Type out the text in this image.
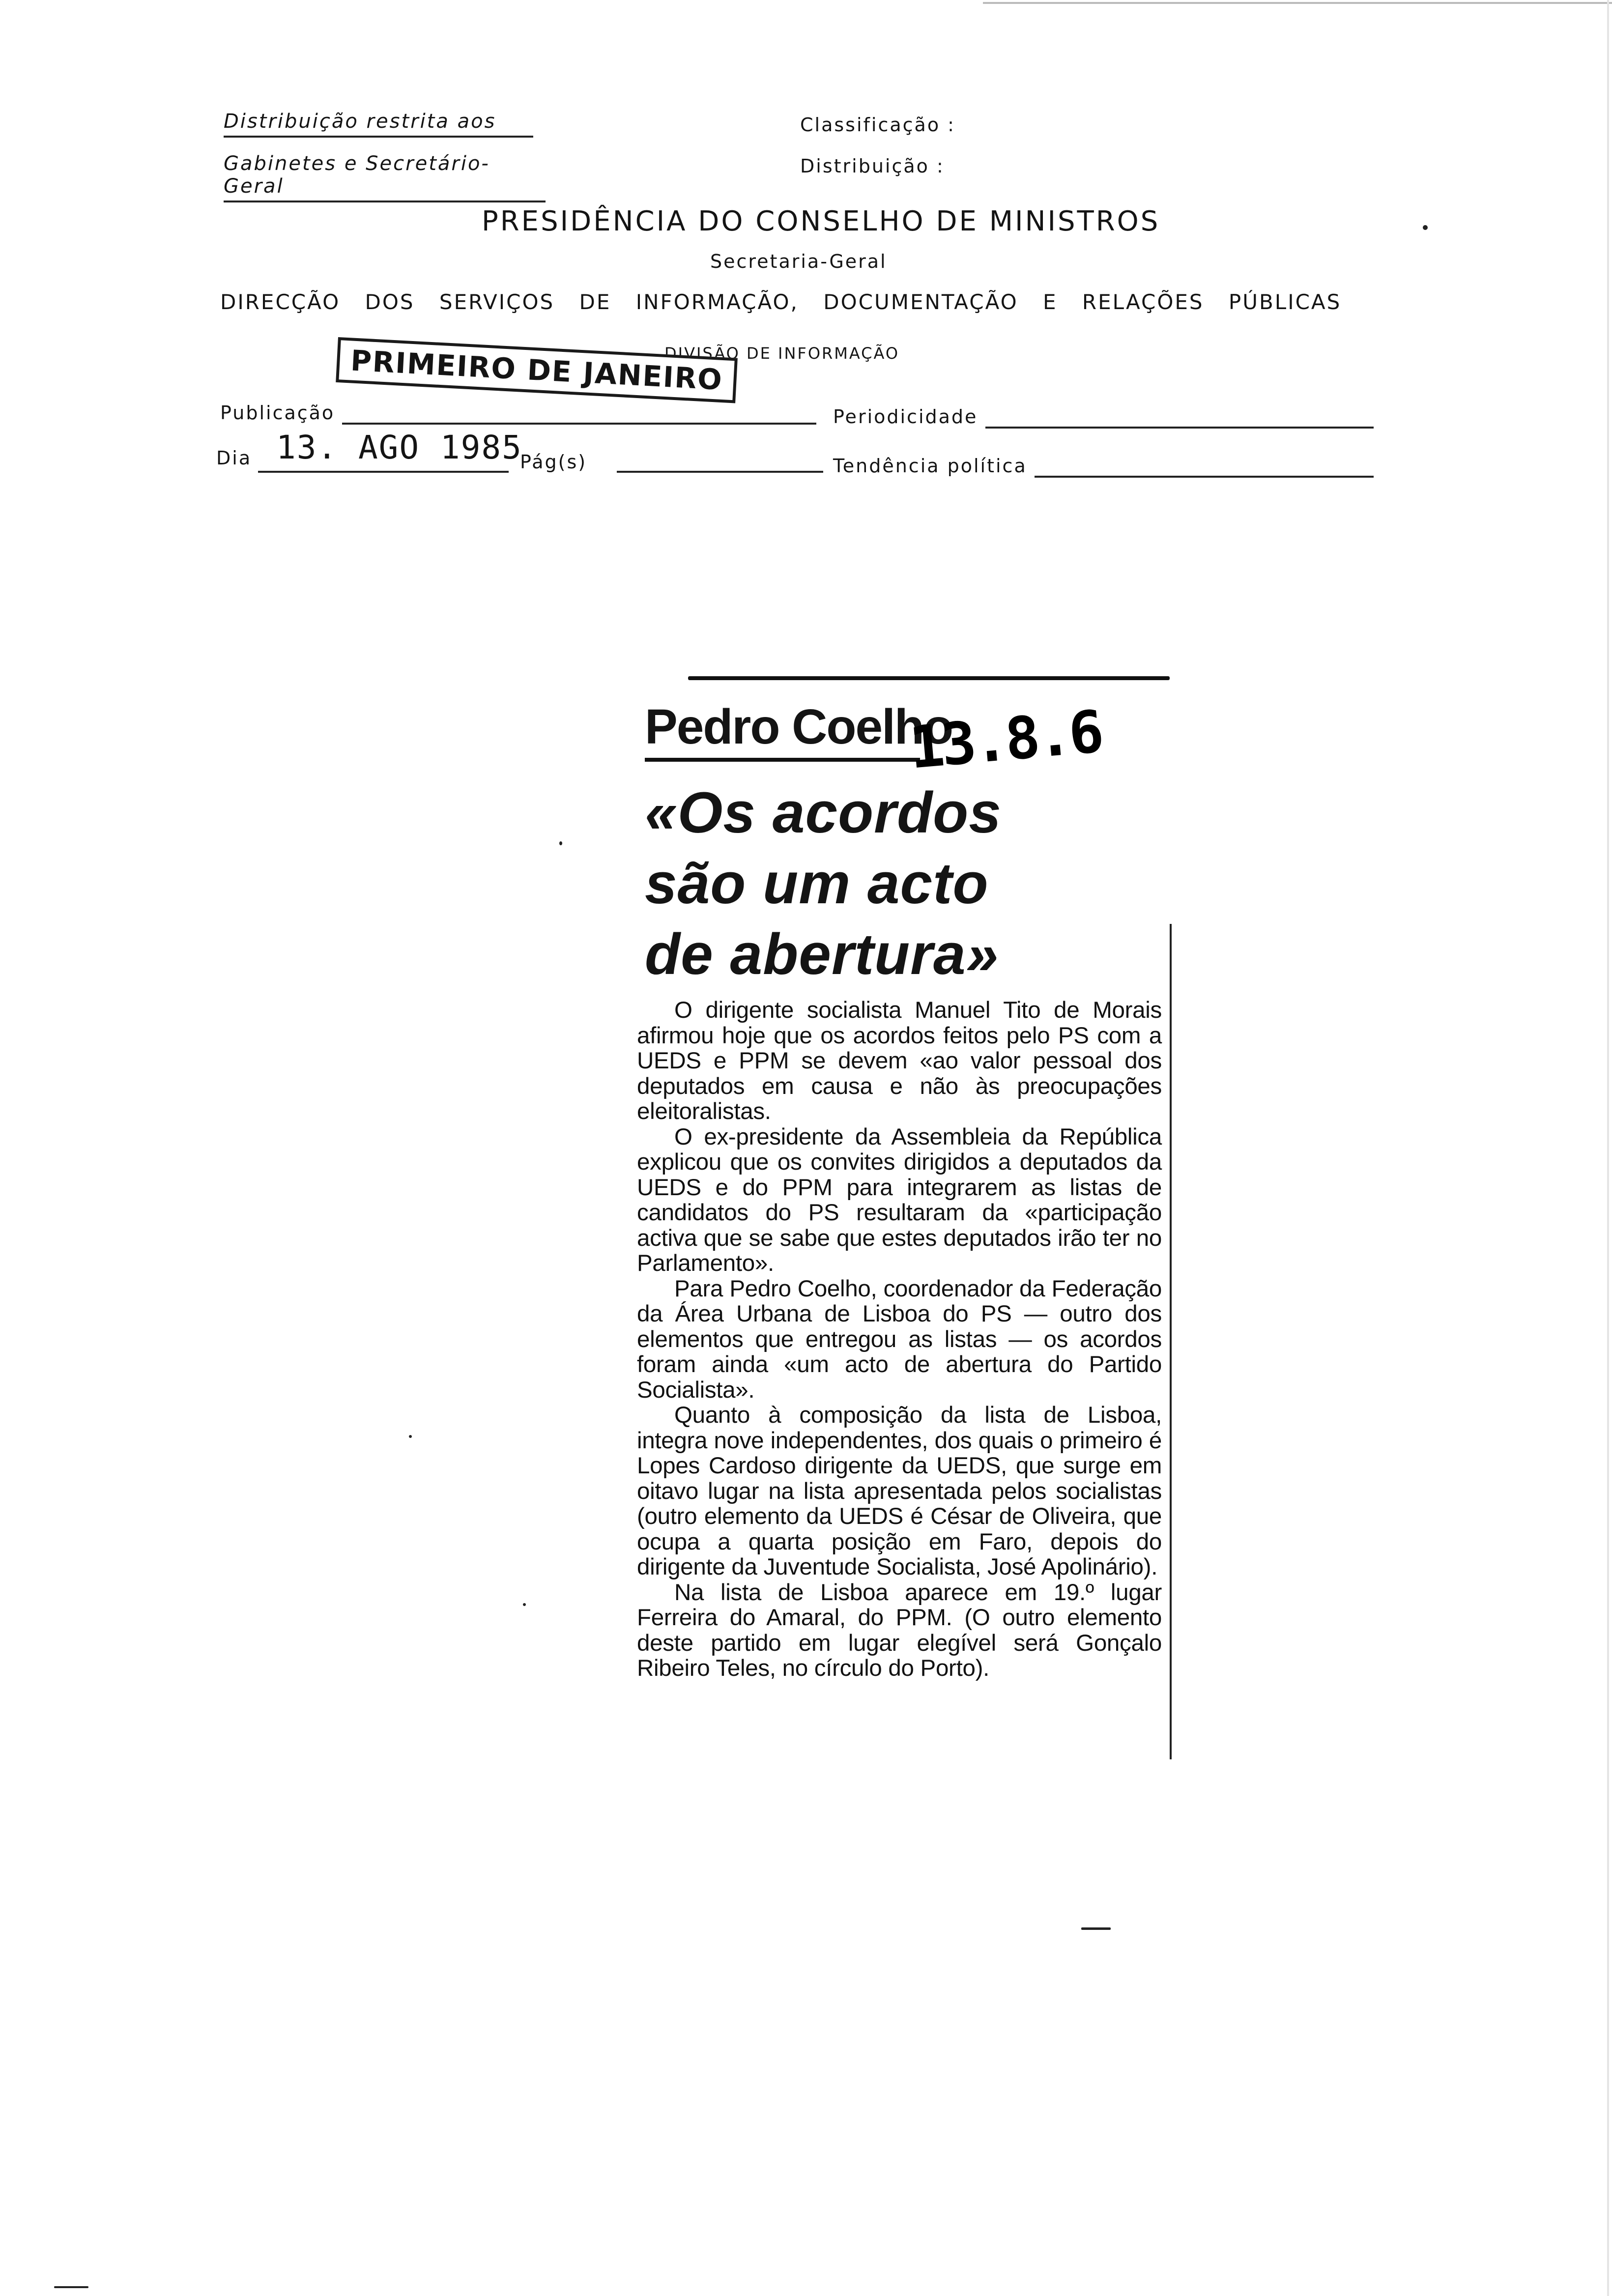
Distribuição restrita aos
Gabinetes e Secretário-Geral
Classificação :
Distribuição :
PRESIDÊNCIA DO CONSELHO DE MINISTROS
Secretaria-Geral
DIRECÇÃO DOS SERVIÇOS DE INFORMAÇÃO, DOCUMENTAÇÃO E RELAÇÕES PÚBLICAS
DIVISÃO DE INFORMAÇÃO
PRIMEIRO DE JANEIRO
Publicação	Periodicidade
Dia 13. AGO 1985
Pág(s)	Tendência política
Pedro Coelho
13.8.6
«Os acordos
são um acto
de abertura»

O dirigente socialista Manuel Tito de Morais afirmou hoje que os acordos feitos pelo PS com a UEDS e PPM se devem «ao valor pessoal dos deputados em causa e não às preocupações eleitoralistas.

O ex-presidente da Assembleia da República explicou que os convites dirigidos a deputados da UEDS e do PPM para integrarem as listas de candidatos do PS resultaram da «participação activa que se sabe que estes deputados irão ter no Parlamento».

Para Pedro Coelho, coordenador da Federação da Área Urbana de Lisboa do PS — outro dos elementos que entregou as listas — os acordos foram ainda «um acto de abertura do Partido Socialista».

Quanto à composição da lista de Lisboa, integra nove independentes, dos quais o primeiro é Lopes Cardoso dirigente da UEDS, que surge em oitavo lugar na lista apresentada pelos socialistas (outro elemento da UEDS é César de Oliveira, que ocupa a quarta posição em Faro, depois do dirigente da Juventude Socialista, José Apolinário).

Na lista de Lisboa aparece em 19.º lugar Ferreira do Amaral, do PPM. (O outro elemento deste partido em lugar elegível será Gonçalo Ribeiro Teles, no círculo do Porto).
